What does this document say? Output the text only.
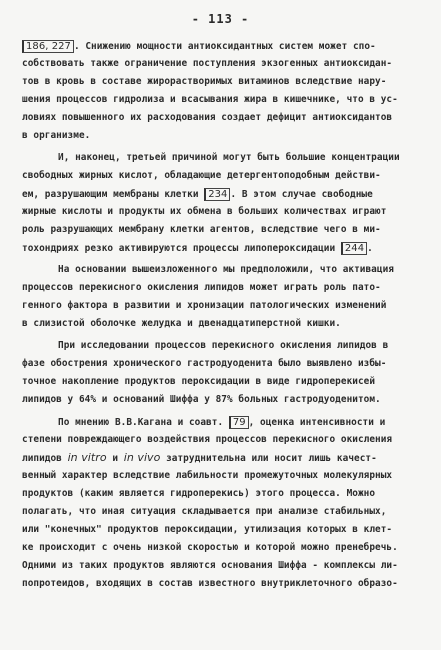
- 113 -
186, 227 . Снижению мощности антиоксидантных систем может спо-
собствовать также ограничение поступления экзогенных антиоксидан-
тов в кровь в составе жирорастворимых витаминов вследствие нару-
шения процессов гидролиза и всасывания жира в кишечнике, что в ус-
ловиях повышенного их расходования создает дефицит антиоксидантов
в организме.
И, наконец, третьей причиной могут быть большие концентрации
свободных жирных кислот, обладающие детергентоподобным действи-
ем, разрушающим мембраны клетки 234 . В этом случае свободные
жирные кислоты и продукты их обмена в больших количествах играют
роль разрушающих мембрану клетки агентов, вследствие чего в ми-
тохондриях резко активируются процессы липопероксидации 244 .
На основании вышеизложенного мы предположили, что активация
процессов перекисного окисления липидов может играть роль пато-
генного фактора в развитии и хронизации патологических изменений
в слизистой оболочке желудка и двенадцатиперстной кишки.
При исследовании процессов перекисного окисления липидов в
фазе обострения хронического гастродуоденита было выявлено избы-
точное накопление продуктов пероксидации в виде гидроперекисей
липидов у 64% и оснований Шиффа у 87% больных гастродуоденитом.
По мнению В.В.Кагана и соавт. 79 , оценка интенсивности и
степени повреждающего воздействия процессов перекисного окисления
липидов in vitro и in vivo затруднительна или носит лишь качест-
венный характер вследствие лабильности промежуточных молекулярных
продуктов (каким является гидроперекись) этого процесса. Можно
полагать, что иная ситуация складывается при анализе стабильных,
или "конечных" продуктов пероксидации, утилизация которых в клет-
ке происходит с очень низкой скоростью и которой можно пренебречь.
Одними из таких продуктов являются основания Шиффа - комплексы ли-
попротеидов, входящих в состав известного внутриклеточного образо-
